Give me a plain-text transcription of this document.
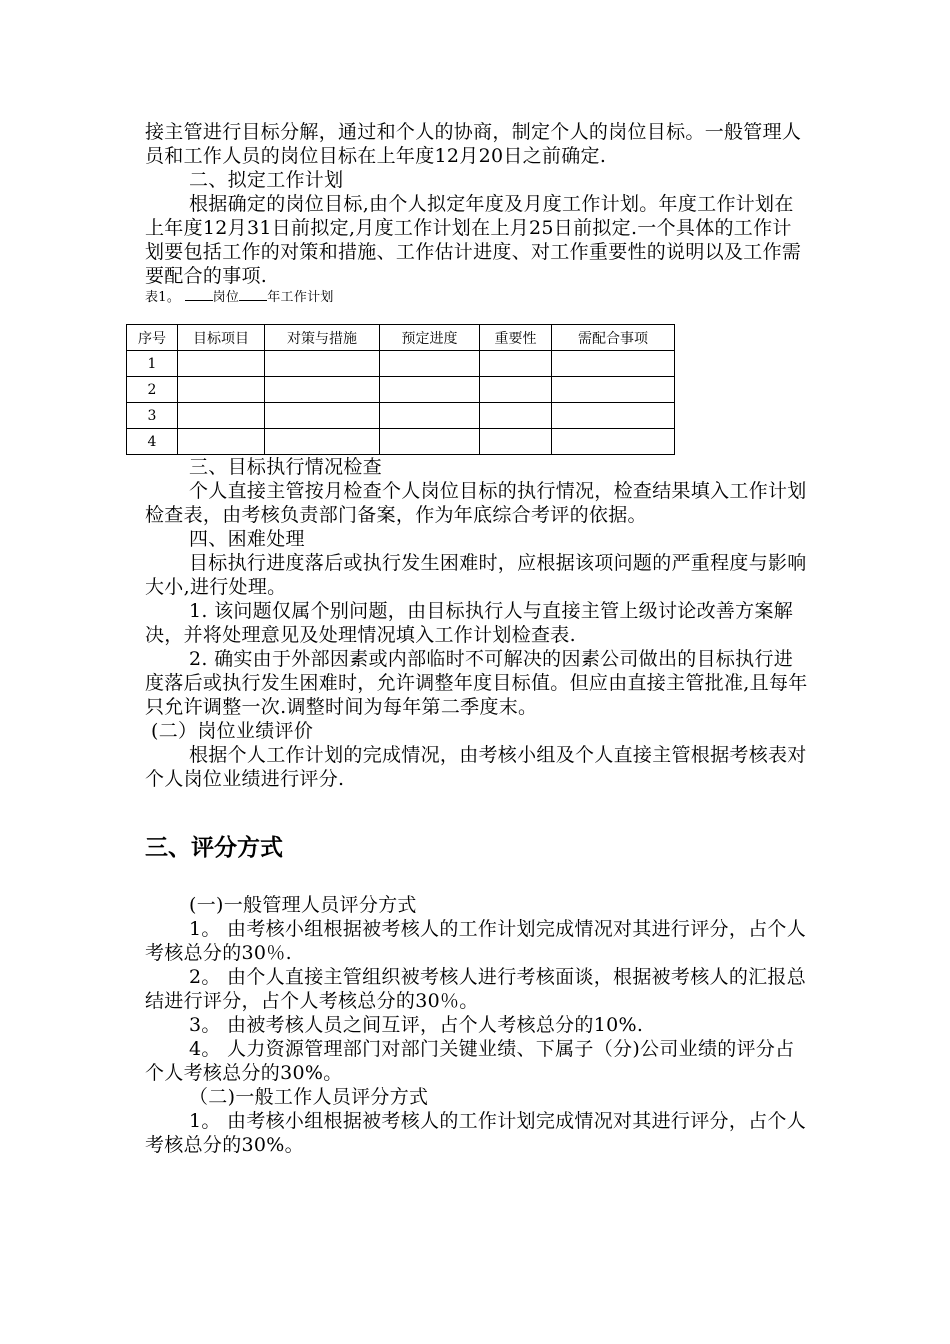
接主管进行目标分解，通过和个人的协商，制定个人的岗位目标。一般管理人员和工作人员的岗位目标在上年度12月20日之前确定.

二、拟定工作计划

根据确定的岗位目标,由个人拟定年度及月度工作计划。年度工作计划在上年度12月31日前拟定,月度工作计划在上月25日前拟定.一个具体的工作计划要包括工作的对策和措施、工作估计进度、对工作重要性的说明以及工作需要配合的事项.

表1。 岗位 年工作计划

序号	目标项目	对策与措施	预定进度	重要性	需配合事项
1					
2					
3					
4					

三、目标执行情况检查

个人直接主管按月检查个人岗位目标的执行情况，检查结果填入工作计划检查表，由考核负责部门备案，作为年底综合考评的依据。

四、困难处理

目标执行进度落后或执行发生困难时，应根据该项问题的严重程度与影响大小,进行处理。

1. 该问题仅属个别问题，由目标执行人与直接主管上级讨论改善方案解决，并将处理意见及处理情况填入工作计划检查表.

2. 确实由于外部因素或内部临时不可解决的因素公司做出的目标执行进度落后或执行发生困难时，允许调整年度目标值。但应由直接主管批准,且每年只允许调整一次.调整时间为每年第二季度末。

(二）岗位业绩评价

根据个人工作计划的完成情况，由考核小组及个人直接主管根据考核表对个人岗位业绩进行评分.

三、评分方式

(一)一般管理人员评分方式

1。 由考核小组根据被考核人的工作计划完成情况对其进行评分，占个人考核总分的30％.

2。 由个人直接主管组织被考核人进行考核面谈，根据被考核人的汇报总结进行评分，占个人考核总分的30％。

3。 由被考核人员之间互评，占个人考核总分的10%.

4。 人力资源管理部门对部门关键业绩、下属子（分)公司业绩的评分占个人考核总分的30%。

（二)一般工作人员评分方式

1。 由考核小组根据被考核人的工作计划完成情况对其进行评分，占个人考核总分的30%。
